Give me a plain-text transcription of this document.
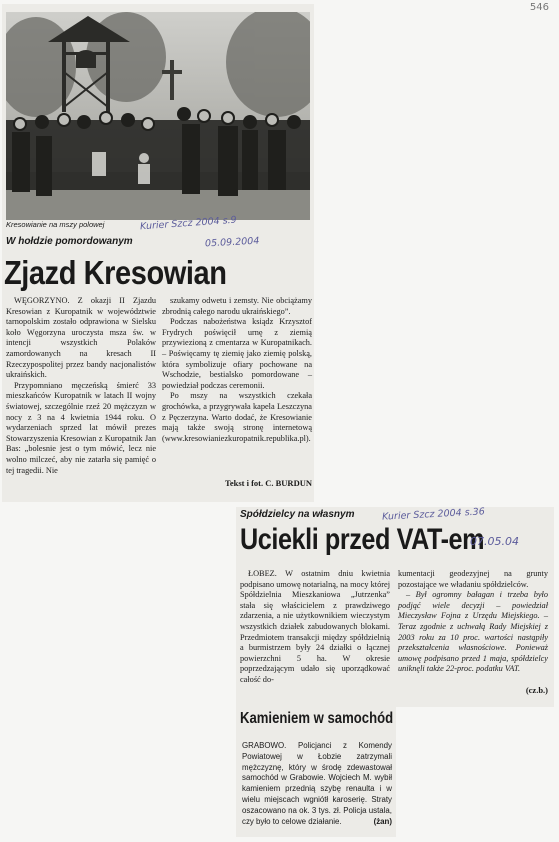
546
Kresowianie na mszy polowej
W hołdzie pomordowanym
Zjazd Kresowian

WĘGORZYNO. Z okazji II Zjazdu Kresowian z Kuropatnik w województwie tarnopolskim zostało odprawiona w Sielsku koło Węgorzyna uroczysta msza św. w intencji wszystkich Polaków zamordowanych na kresach II Rzeczypospolitej przez bandy nacjonalistów ukraińskich.

Przypomniano męczeńską śmierć 33 mieszkańców Kuropatnik w latach II wojny światowej, szczególnie rzeź 20 mężczyzn w nocy z 3 na 4 kwietnia 1944 roku. O wydarzeniach sprzed lat mówił prezes Stowarzyszenia Kresowian z Kuropatnik Jan Bas: „bolesnie jest o tym mówić, lecz nie wolno milczeć, aby nie zatarła się pamięć o tej tragedii. Nie

szukamy odwetu i zemsty. Nie obciążamy zbrodnią całego narodu ukraińskiego”.

Podczas nabożeństwa ksiądz Krzysztof Frydrych poświęcił urnę z ziemią przywiezioną z cmentarza w Kuropatnikach. – Poświęcamy tę ziemię jako ziemię polską, która symbolizuje ofiary pochowane na Wschodzie, bestialsko pomordowane – powiedział podczas ceremonii.

Po mszy na wszystkich czekała grochówka, a przygrywała kapela Leszczyna z Pęczerzyna. Warto dodać, że Kresowianie mają także swoją stronę internetową (www.kresowianiezkuropatnik.republika.pl).

Tekst i fot. C. BURDUN
Kurier Szcz 2004 s.9
05.09.2004
Spółdzielcy na własnym
Uciekli przed VAT-em

ŁOBEZ. W ostatnim dniu kwietnia podpisano umowę notarialną, na mocy której Spółdzielnia Mieszkaniowa „Jutrzenka” stała się właścicielem z prawdziwego zdarzenia, a nie użytkownikiem wieczystym wszystkich działek zabudowanych blokami. Przedmiotem transakcji między spółdzielnią a burmistrzem były 24 działki o łącznej powierzchni 5 ha. W okresie poprzedzającym udało się uporządkować całość do-

kumentacji geodezyjnej na grunty pozostające we władaniu spółdzielców.

– Był ogromny bałagan i trzeba było podjąć wiele decyzji – powiedział Mieczysław Fojna z Urzędu Miejskiego. – Teraz zgodnie z uchwałą Rady Miejskiej z 2003 roku za 10 proc. wartości nastąpiły przekształcenia własnościowe. Ponieważ umowę podpisano przed 1 maja, spółdzielcy uniknęli także 22-proc. podatku VAT.

(cz.b.)
Kurier Szcz 2004 s.36
07.05.04
Kamieniem w samochód
GRABOWO. Policjanci z Komendy Powiatowej w Łobzie zatrzymali mężczyznę, który w środę zdewastował samochód w Grabowie. Wojciech M. wybił kamieniem przednią szybę renaulta i w wielu miejscach wgniótł karoserię. Straty oszacowano na ok. 3 tys. zł. Policja ustala, czy było to celowe działanie.	(żan)
